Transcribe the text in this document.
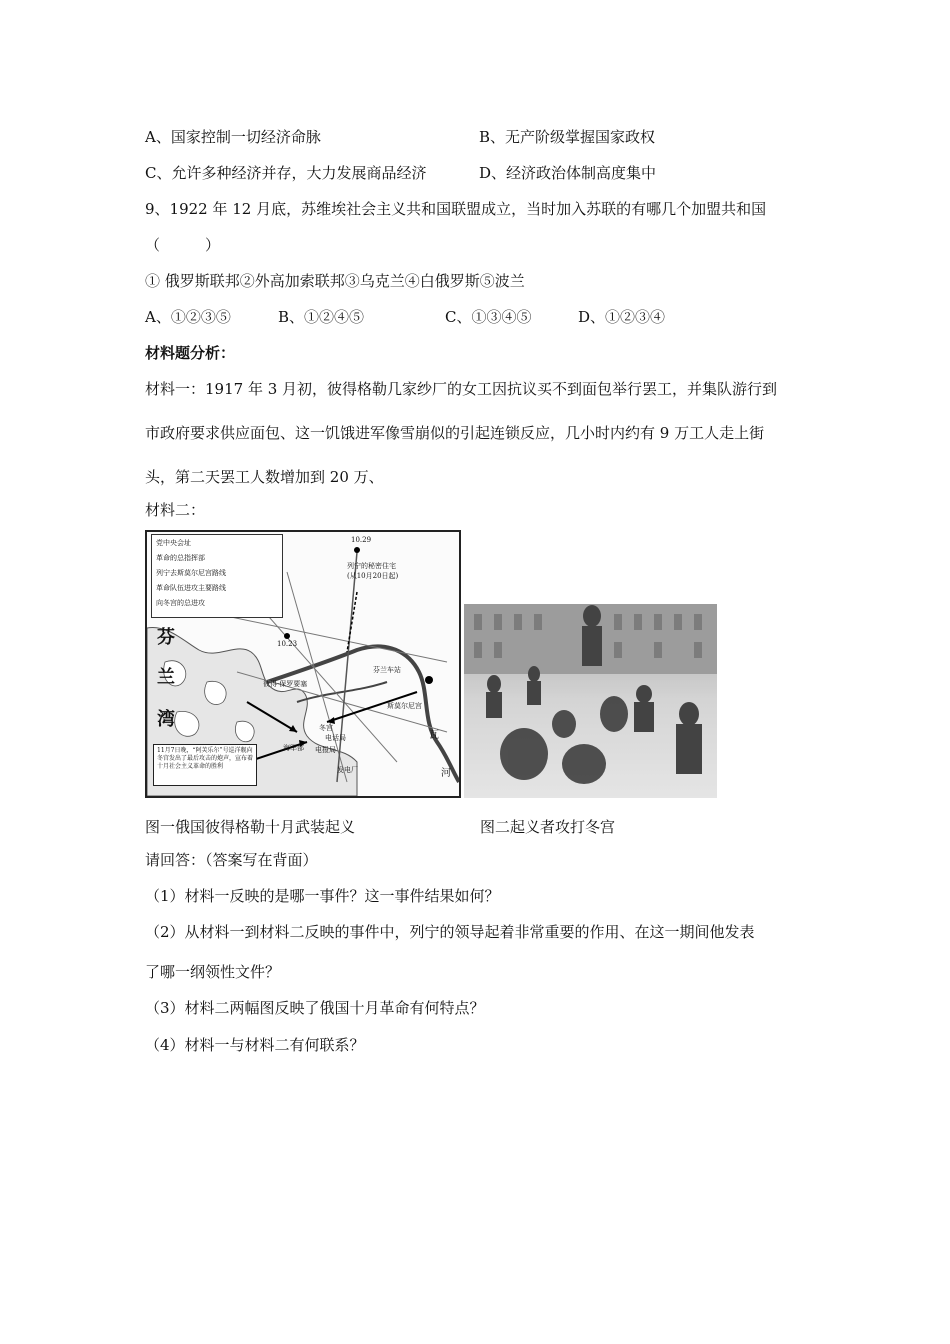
A、国家控制一切经济命脉	B、无产阶级掌握国家政权
C、允许多种经济并存，大力发展商品经济	D、经济政治体制高度集中
9、1922 年 12 月底，苏维埃社会主义共和国联盟成立，当时加入苏联的有哪几个加盟共和国
（　　　）
① 俄罗斯联邦②外高加索联邦③乌克兰④白俄罗斯⑤波兰
A、①②③⑤	B、①②④⑤	C、①③④⑤	D、①②③④
材料题分析：
材料一：1917 年 3 月初，彼得格勒几家纱厂的女工因抗议买不到面包举行罢工，并集队游行到
市政府要求供应面包、这一饥饿进军像雪崩似的引起连锁反应，几小时内约有 9 万工人走上街
头，第二天罢工人数增加到 20 万、
材料二：
党中央会址
革命的总指挥部
列宁去斯莫尔尼宫路线
革命队伍进攻主要路线
向冬宫的总进攻
10.29
列宁的秘密住宅
(从10月20日起)
10.23
芬兰车站
彼得·保罗要塞
斯莫尔尼宫
冬宫
电话局
电报局
海军部
发电厂
芬
兰
湾
瓦
河
11月7日晚，“阿芙乐尔”号巡洋舰向冬宫发出了最后攻击的炮声，宣布着十月社会主义革命的胜利
图一俄国彼得格勒十月武装起义	图二起义者攻打冬宫
请回答：（答案写在背面）
（1）材料一反映的是哪一事件？这一事件结果如何？
（2）从材料一到材料二反映的事件中，列宁的领导起着非常重要的作用、在这一期间他发表
了哪一纲领性文件？
（3）材料二两幅图反映了俄国十月革命有何特点？
（4）材料一与材料二有何联系？
